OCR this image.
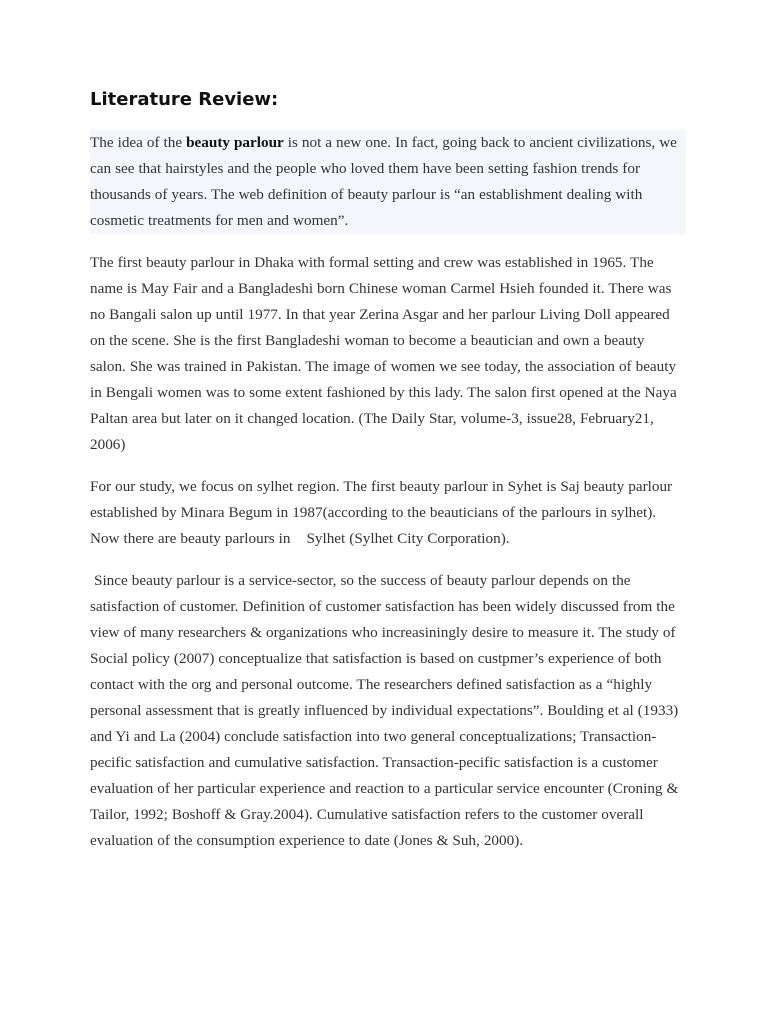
Literature Review:

The idea of the beauty parlour is not a new one. In fact, going back to ancient civilizations, we can see that hairstyles and the people who loved them have been setting fashion trends for thousands of years. The web definition of beauty parlour is “an establishment dealing with cosmetic treatments for men and women”.

The first beauty parlour in Dhaka with formal setting and crew was established in 1965. The name is May Fair and a Bangladeshi born Chinese woman Carmel Hsieh founded it. There was no Bangali salon up until 1977. In that year Zerina Asgar and her parlour Living Doll appeared on the scene. She is the first Bangladeshi woman to become a beautician and own a beauty salon. She was trained in Pakistan. The image of women we see today, the association of beauty in Bengali women was to some extent fashioned by this lady. The salon first opened at the Naya Paltan area but later on it changed location. (The Daily Star, volume-3, issue28, February21, 2006)

For our study, we focus on sylhet region. The first beauty parlour in Syhet is Saj beauty parlour established by Minara Begum in 1987(according to the beauticians of the parlours in sylhet). Now there are beauty parlours in    Sylhet (Sylhet City Corporation).

Since beauty parlour is a service-sector, so the success of beauty parlour depends on the satisfaction of customer. Definition of customer satisfaction has been widely discussed from the view of many researchers & organizations who increasiningly desire to measure it. The study of Social policy (2007) conceptualize that satisfaction is based on custpmer’s experience of both contact with the org and personal outcome. The researchers defined satisfaction as a “highly personal assessment that is greatly influenced by individual expectations”. Boulding et al (1933) and Yi and La (2004) conclude satisfaction into two general conceptualizations; Transaction-pecific satisfaction and cumulative satisfaction. Transaction-pecific satisfaction is a customer evaluation of her particular experience and reaction to a particular service encounter (Croning & Tailor, 1992; Boshoff & Gray.2004). Cumulative satisfaction refers to the customer overall evaluation of the consumption experience to date (Jones & Suh, 2000).
